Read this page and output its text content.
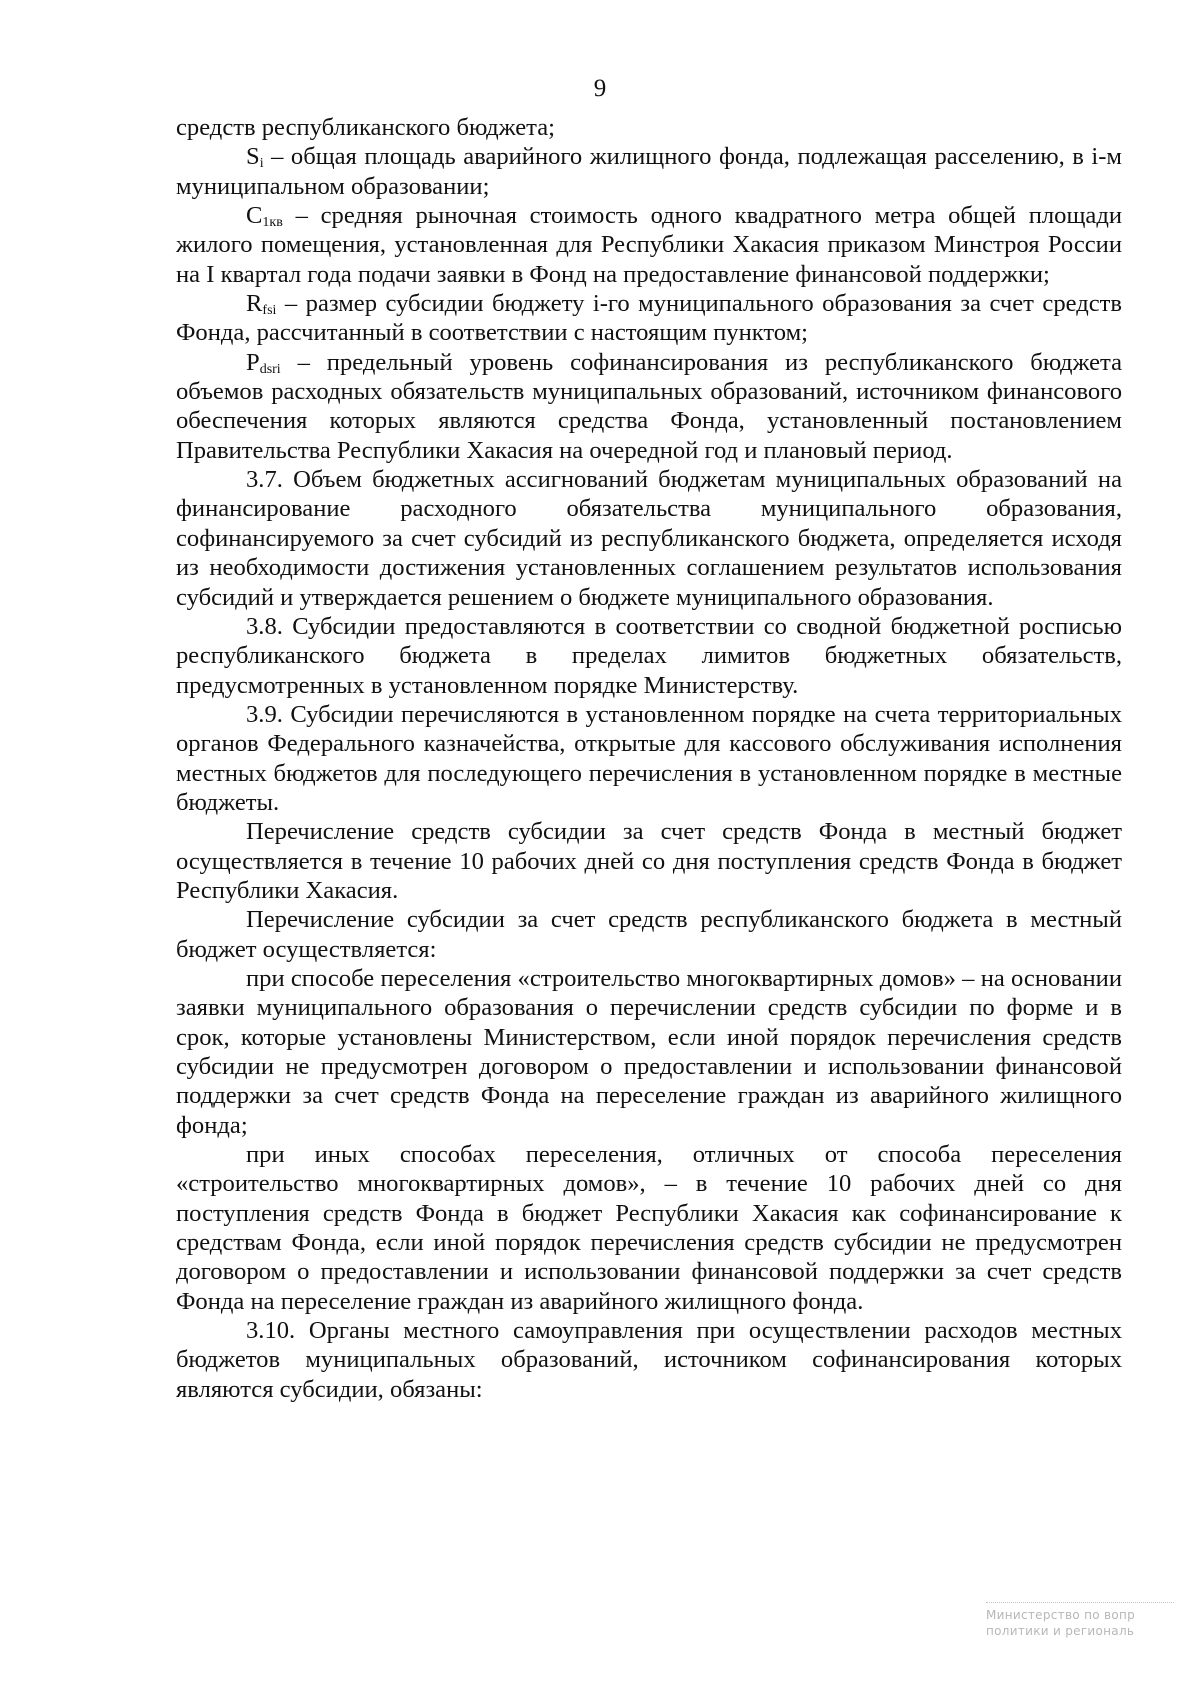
9

средств республиканского бюджета;

$S_i$ – общая площадь аварийного жилищного фонда, подлежащая расселению, в i-м муниципальном образовании;

$C_{1кв}$ – средняя рыночная стоимость одного квадратного метра общей площади жилого помещения, установленная для Республики Хакасия приказом Минстроя России на I квартал года подачи заявки в Фонд на предоставление финансовой поддержки;

$R_{fsi}$ – размер субсидии бюджету i-го муниципального образования за счет средств Фонда, рассчитанный в соответствии с настоящим пунктом;

$P_{dsri}$ – предельный уровень софинансирования из республиканского бюджета объемов расходных обязательств муниципальных образований, источником финансового обеспечения которых являются средства Фонда, установленный постановлением Правительства Республики Хакасия на очередной год и плановый период.

3.7. Объем бюджетных ассигнований бюджетам муниципальных образований на финансирование расходного обязательства муниципального образования, софинансируемого за счет субсидий из республиканского бюджета, определяется исходя из необходимости достижения установленных соглашением результатов использования субсидий и утверждается решением о бюджете муниципального образования.

3.8. Субсидии предоставляются в соответствии со сводной бюджетной росписью республиканского бюджета в пределах лимитов бюджетных обязательств, предусмотренных в установленном порядке Министерству.

3.9. Субсидии перечисляются в установленном порядке на счета территориальных органов Федерального казначейства, открытые для кассового обслуживания исполнения местных бюджетов для последующего перечисления в установленном порядке в местные бюджеты.

Перечисление средств субсидии за счет средств Фонда в местный бюджет осуществляется в течение 10 рабочих дней со дня поступления средств Фонда в бюджет Республики Хакасия.

Перечисление субсидии за счет средств республиканского бюджета в местный бюджет осуществляется:

при способе переселения «строительство многоквартирных домов» – на основании заявки муниципального образования о перечислении средств субсидии по форме и в срок, которые установлены Министерством, если иной порядок перечисления средств субсидии не предусмотрен договором о предоставлении и использовании финансовой поддержки за счет средств Фонда на переселение граждан из аварийного жилищного фонда;

при иных способах переселения, отличных от способа переселения «строительство многоквартирных домов», – в течение 10 рабочих дней со дня поступления средств Фонда в бюджет Республики Хакасия как софинансирование к средствам Фонда, если иной порядок перечисления средств субсидии не предусмотрен договором о предоставлении и использовании финансовой поддержки за счет средств Фонда на переселение граждан из аварийного жилищного фонда.

3.10. Органы местного самоуправления при осуществлении расходов местных бюджетов муниципальных образований, источником софинансирования которых являются субсидии, обязаны:

Министерство по вопр
политики и региональ
